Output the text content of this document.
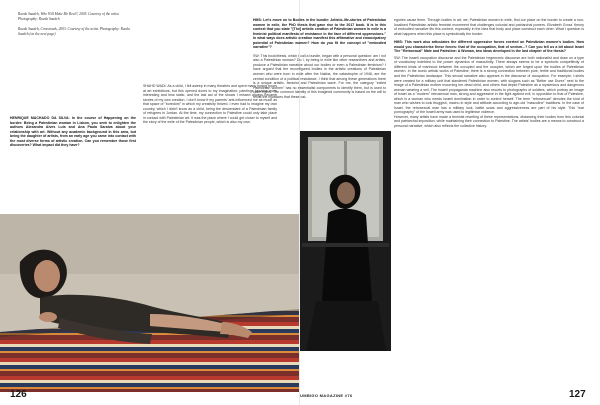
Raeda Saadeh, Who Will Make Me Real?, 2005. Courtesy of the artist. Photography: Raeda Saadeh

Raeda Saadeh, Crossroads, 2003. Courtesy of the artist. Photography: Raeda Saadeh (on the next page)

HENRIQUE MACHADO DA SILVA: In the course of Happening on the border: Being a Palestinian woman in Lisbon, you seek to enlighten the authors Alexandra Alves Luís and Ana Paula Saraiva about your relationship with art. Without any academic background in this area, but being the daughter of artists, from an early age you came into contact with the most diverse forms of artistic creation. Can you remember those first discoveries? What impact did they have?

SHAHD WADI: As a child, I fell asleep in many theatres and spent many boring hours at art exhibitions, but this opened doors to my imagination: paintings became more interesting and less static, and the last act of the shows I missed always became stories of my own creation. I don't know if my parents' arts influenced me as much as that space of "boredom" in which my creativity thrived. I even had to imagine my own country, which I didn't know as a child, being the descendant of a Palestinian family of refugees in Jordan. At the time, my connection to Palestine could only take place in contact with Palestinian art. It was the place where I could get closer to myself and the story of the exile of the Palestinian people, which is also my own.

126

HMS: Let's move on to Bodies in the bundle: Artistic-life-stories of Palestinian women in exile, the PhD thesis that gave rise to the 2017 book. It is in this context that you state "[The] artistic creation of Palestinian women in exile is a feminist political manifesto of resistance in the face of different oppressions." In what ways does artistic creation manifest this affirmative and emancipatory potential of Palestinian women? How do you fit the concept of "embodied narrative"?

SW: This book/thesis, which I call a bundle, began with a personal question: am I not also a Palestinian woman? Do I, by being in exile like other researchers and artists, produce a Palestinian narrative about our bodies or even a Palestinian feminism? I have argued that the reconfigured bodies in the artistic creations of Palestinian women who were born in exile after the Nakba, the catastrophe of 1948, are the central condition of a political resistance. I think that among these generations there is a unique artistic, feminist and Palestinian wave. For me, the category "exiled Palestinian women" has no essentialist components to identify them, but is used to claim rights. The common identity of this imagined community is based on the will to resist the injustices that these cat-

egories cause them. Through bodies in art, we, Palestinian women in exile, find our place on the border to create a non-localised Palestinian artistic feminist movement that challenges colonial and patriarchal powers. Elizabeth Grosz' theory of embodied narrative fits this context, especially in the idea that body and place construct each other. What I question is what happens when this place is symbolically the border.

HMS: This work also articulates the different oppressive forces exerted on Palestinian women's bodies. How would you characterise these forces: that of the occupation, that of sexism...? Can you tell us a bit about Israel The "Retroexual" Male and Palestine: A Woman, two ideas developed in the last chapter of the thesis?

SW: The Israeli occupation discourse and the Palestinian hegemonic discourse are both nationalist and draw on a type of vocabulary indebted to the power dynamics of masculinity. There always seems to be a symbolic competitivity of different kinds of manhood between the occupied and the occupier, which are forged upon the bodies of Palestinian women. In the iconic artistic works of Palestine, there is a strong connection between pure, fertile and traditional bodies and the Palestinian landscape. This sexual narrative also appears in the discourse of occupation. For example, t-shirts were created for a military unit that slandered Palestinian women, with slogans such as "Better use Durex" next to the image of a Palestinian mother mourning her dead child, and others that depict Palestine as a mysterious and dangerous woman wearing a veil. The Israeli propaganda machine also resorts to photographs of soldiers, which portray an image of Israel as a "modern" retrosexual man, strong and aggressive in the fight against evil, in opposition to that of Palestine, which is a woman who needs Israeli domination in order to control herself. The term "retrosexual" denotes the kind of man who wishes to look thuggish, macho in style and attitude according to age-old "masculine" traditions. In the case of Israel, the retrosexual man has a military look, battle scars and aggressiveness are part of his style. This "war pornography" of the Israeli army was used to legitimise violence.

However, many artists have made a feminist rewriting of these representations, distancing their bodies from this colonial and patriarchal imposition, while maintaining their connection to Palestine. The artists' bodies are a means to construct a personal narrative, which also reflects the collective history.

UMBIGO MAGAZINE #76	127
